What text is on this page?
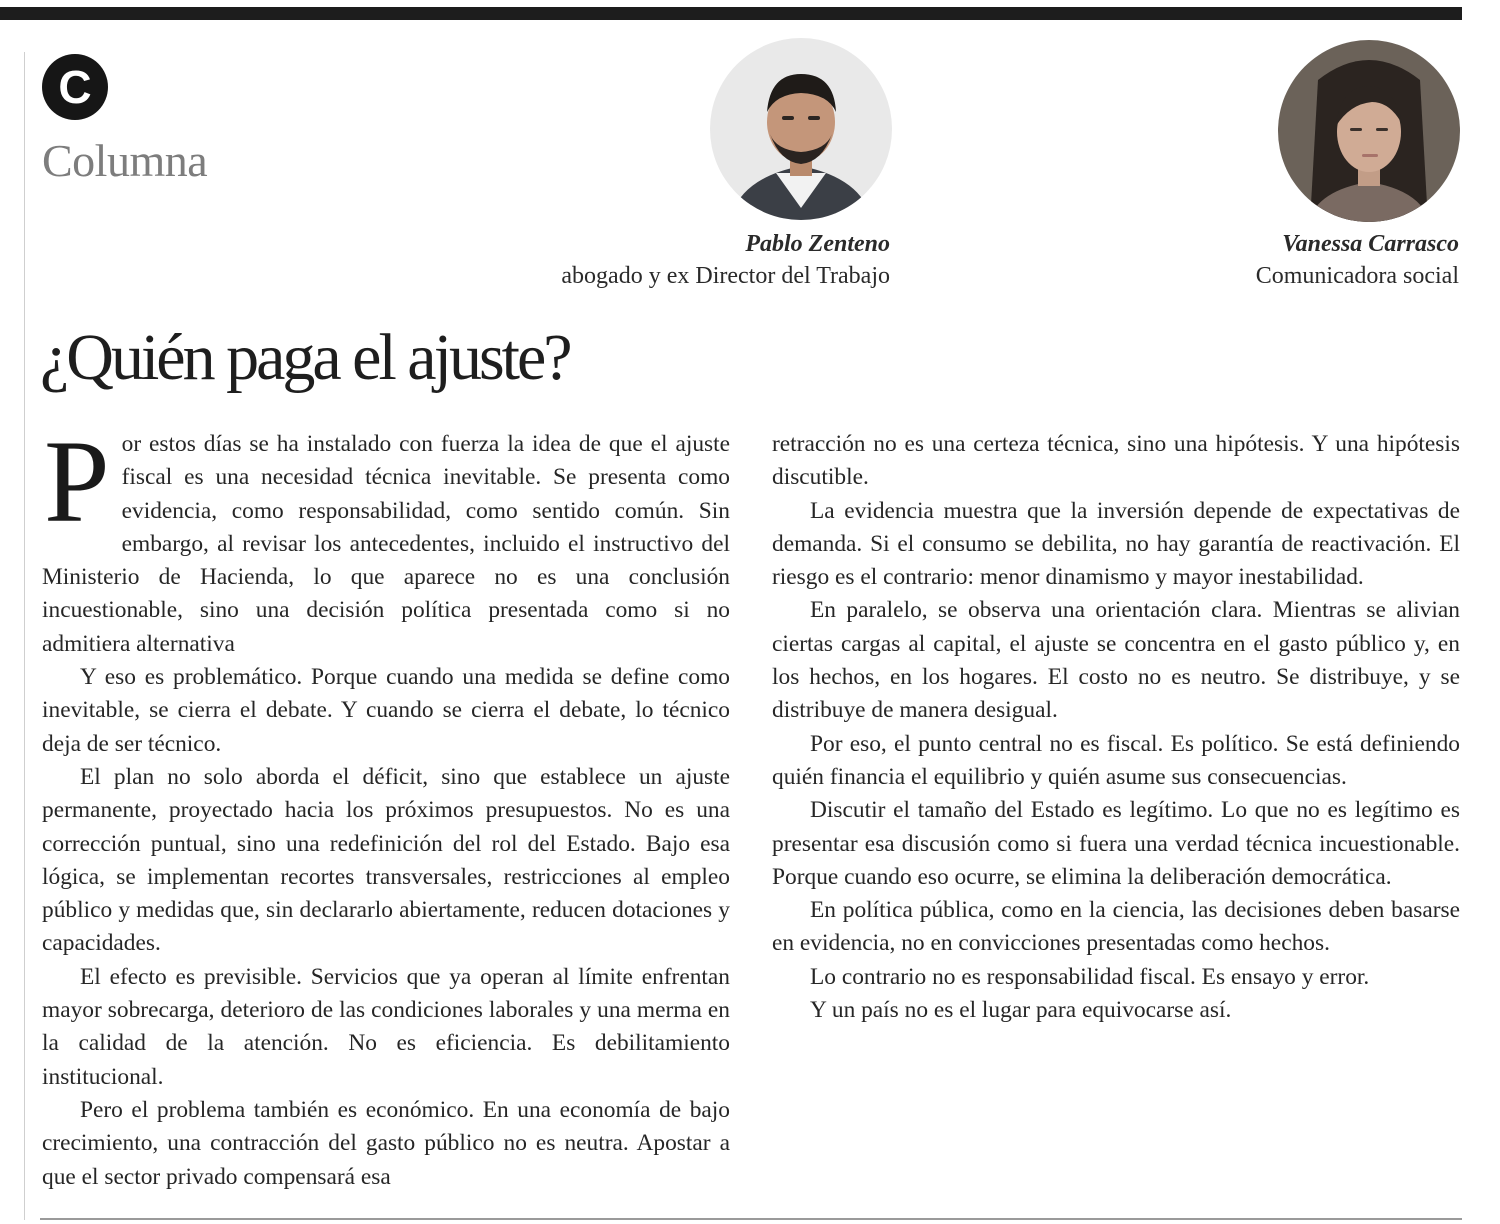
C
Columna
Pablo Zenteno
abogado y ex Director del Trabajo
Vanessa Carrasco
Comunicadora social
¿Quién paga el ajuste?

Por estos días se ha instalado con fuerza la idea de que el ajuste fiscal es una necesidad técnica inevitable. Se presenta como evidencia, como responsabilidad, como sentido común. Sin embargo, al revisar los antecedentes, incluido el instructivo del Ministerio de Hacienda, lo que aparece no es una conclusión incuestionable, sino una decisión política presentada como si no admitiera alternativa

Y eso es problemático. Porque cuando una medida se define como inevitable, se cierra el debate. Y cuando se cierra el debate, lo técnico deja de ser técnico.

El plan no solo aborda el déficit, sino que establece un ajuste permanente, proyectado hacia los próximos presupuestos. No es una corrección puntual, sino una redefinición del rol del Estado. Bajo esa lógica, se implementan recortes transversales, restricciones al empleo público y medidas que, sin declararlo abiertamente, reducen dotaciones y capacidades.

El efecto es previsible. Servicios que ya operan al límite enfrentan mayor sobrecarga, deterioro de las condiciones laborales y una merma en la calidad de la atención. No es eficiencia. Es debilitamiento institucional.

Pero el problema también es económico. En una economía de bajo crecimiento, una contracción del gasto público no es neutra. Apostar a que el sector privado compensará esa

retracción no es una certeza técnica, sino una hipótesis. Y una hipótesis discutible.

La evidencia muestra que la inversión depende de expectativas de demanda. Si el consumo se debilita, no hay garantía de reactivación. El riesgo es el contrario: menor dinamismo y mayor inestabilidad.

En paralelo, se observa una orientación clara. Mientras se alivian ciertas cargas al capital, el ajuste se concentra en el gasto público y, en los hechos, en los hogares. El costo no es neutro. Se distribuye, y se distribuye de manera desigual.

Por eso, el punto central no es fiscal. Es político. Se está definiendo quién financia el equilibrio y quién asume sus consecuencias.

Discutir el tamaño del Estado es legítimo. Lo que no es legítimo es presentar esa discusión como si fuera una verdad técnica incuestionable. Porque cuando eso ocurre, se elimina la deliberación democrática.

En política pública, como en la ciencia, las decisiones deben basarse en evidencia, no en convicciones presentadas como hechos.

Lo contrario no es responsabilidad fiscal. Es ensayo y error.

Y un país no es el lugar para equivocarse así.
